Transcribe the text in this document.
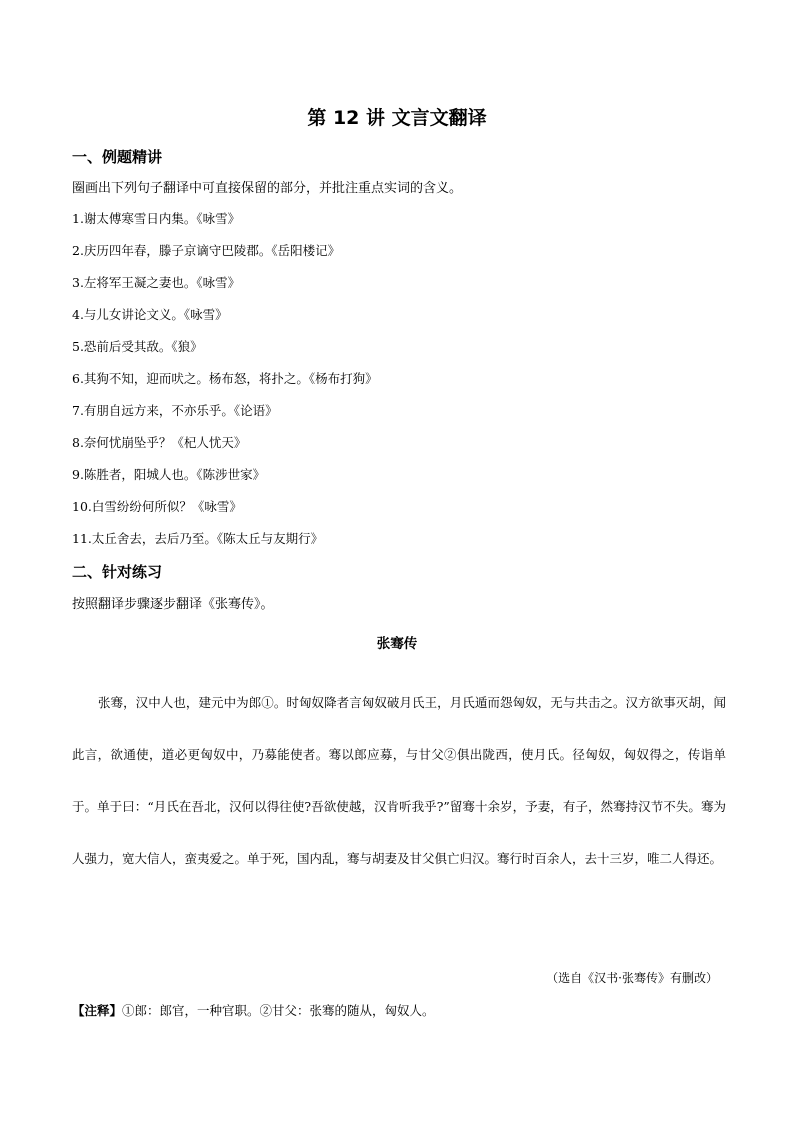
第 12 讲 文言文翻译
一、例题精讲
圈画出下列句子翻译中可直接保留的部分，并批注重点实词的含义。
1.谢太傅寒雪日内集。《咏雪》
2.庆历四年春，滕子京谪守巴陵郡。《岳阳楼记》
3.左将军王凝之妻也。《咏雪》
4.与儿女讲论文义。《咏雪》
5.恐前后受其敌。《狼》
6.其狗不知，迎而吠之。杨布怒，将扑之。《杨布打狗》
7.有朋自远方来，不亦乐乎。《论语》
8.奈何忧崩坠乎？《杞人忧天》
9.陈胜者，阳城人也。《陈涉世家》
10.白雪纷纷何所似？《咏雪》
11.太丘舍去，去后乃至。《陈太丘与友期行》
二、针对练习
按照翻译步骤逐步翻译《张骞传》。
张骞传

张骞，汉中人也，建元中为郎①。时匈奴降者言匈奴破月氏王，月氏遁而怨匈奴，无与共击之。汉方欲事灭胡，闻此言，欲通使，道必更匈奴中，乃募能使者。骞以郎应募，与甘父②俱出陇西，使月氏。径匈奴，匈奴得之，传诣单于。单于曰：“月氏在吾北，汉何以得往使?吾欲使越，汉肯听我乎?”留骞十余岁，予妻，有子，然骞持汉节不失。骞为人强力，宽大信人，蛮夷爱之。单于死，国内乱，骞与胡妻及甘父俱亡归汉。骞行时百余人，去十三岁，唯二人得还。

（选自《汉书·张骞传》有删改）
【注释】①郎：郎官，一种官职。②甘父：张骞的随从，匈奴人。
